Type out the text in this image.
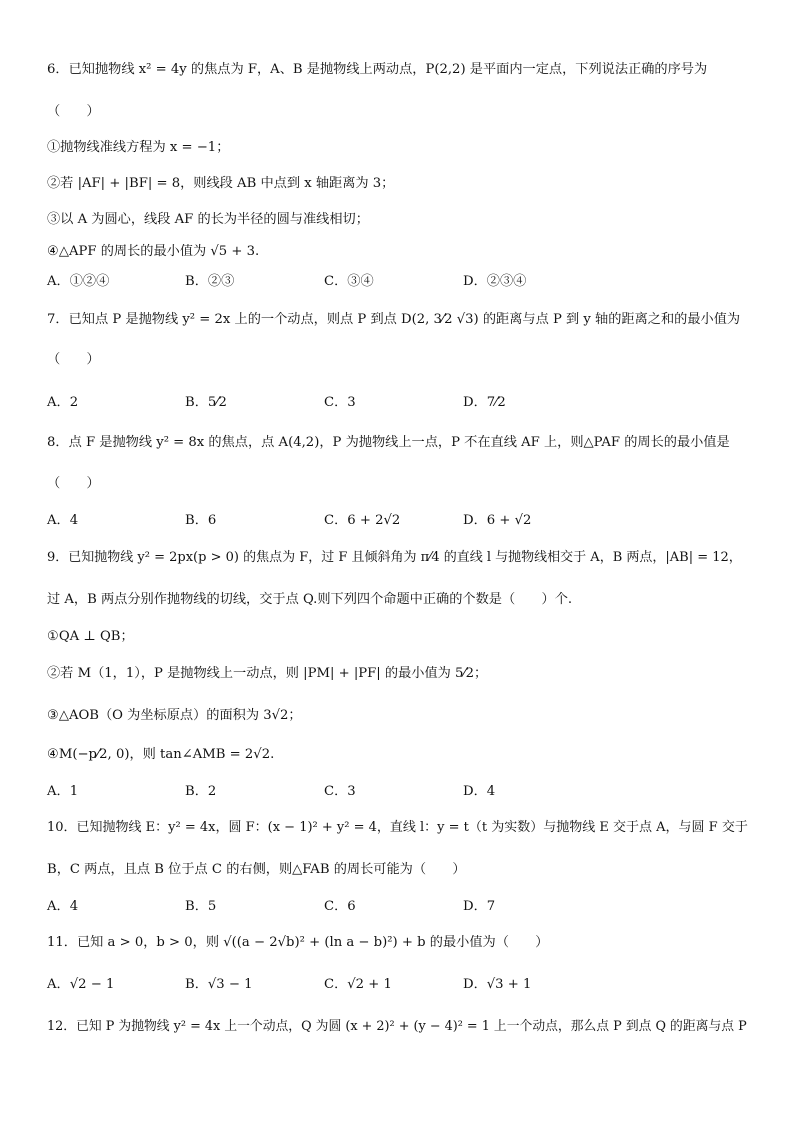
6．已知抛物线 x² = 4y 的焦点为 F，A、B 是抛物线上两动点，P(2,2) 是平面内一定点，下列说法正确的序号为
（　　）
①抛物线准线方程为 x = −1；
②若 |AF| + |BF| = 8，则线段 AB 中点到 x 轴距离为 3；
③以 A 为圆心，线段 AF 的长为半径的圆与准线相切；
④△APF 的周长的最小值为 √5 + 3.
A．①②④	B．②③	C．③④	D．②③④
7．已知点 P 是抛物线 y² = 2x 上的一个动点，则点 P 到点 D(2, 3⁄2 √3) 的距离与点 P 到 y 轴的距离之和的最小值为
（　　）
A．2	B．5⁄2	C．3	D．7⁄2
8．点 F 是抛物线 y² = 8x 的焦点，点 A(4,2)，P 为抛物线上一点，P 不在直线 AF 上，则△PAF 的周长的最小值是
（　　）
A．4	B．6	C．6 + 2√2	D．6 + √2
9．已知抛物线 y² = 2px(p > 0) 的焦点为 F，过 F 且倾斜角为 π⁄4 的直线 l 与抛物线相交于 A，B 两点，|AB| = 12，
过 A，B 两点分别作抛物线的切线，交于点 Q.则下列四个命题中正确的个数是（　　）个.
①QA ⊥ QB；
②若 M（1，1），P 是抛物线上一动点，则 |PM| + |PF| 的最小值为 5⁄2；
③△AOB（O 为坐标原点）的面积为 3√2；
④M(−p⁄2, 0)，则 tan∠AMB = 2√2.
A．1	B．2	C．3	D．4
10．已知抛物线 E：y² = 4x，圆 F：(x − 1)² + y² = 4，直线 l：y = t（t 为实数）与抛物线 E 交于点 A，与圆 F 交于
B，C 两点，且点 B 位于点 C 的右侧，则△FAB 的周长可能为（　　）
A．4	B．5	C．6	D．7
11．已知 a > 0，b > 0，则 √((a − 2√b)² + (ln a − b)²) + b 的最小值为（　　）
A．√2 − 1	B．√3 − 1	C．√2 + 1	D．√3 + 1
12．已知 P 为抛物线 y² = 4x 上一个动点，Q 为圆 (x + 2)² + (y − 4)² = 1 上一个动点，那么点 P 到点 Q 的距离与点 P
